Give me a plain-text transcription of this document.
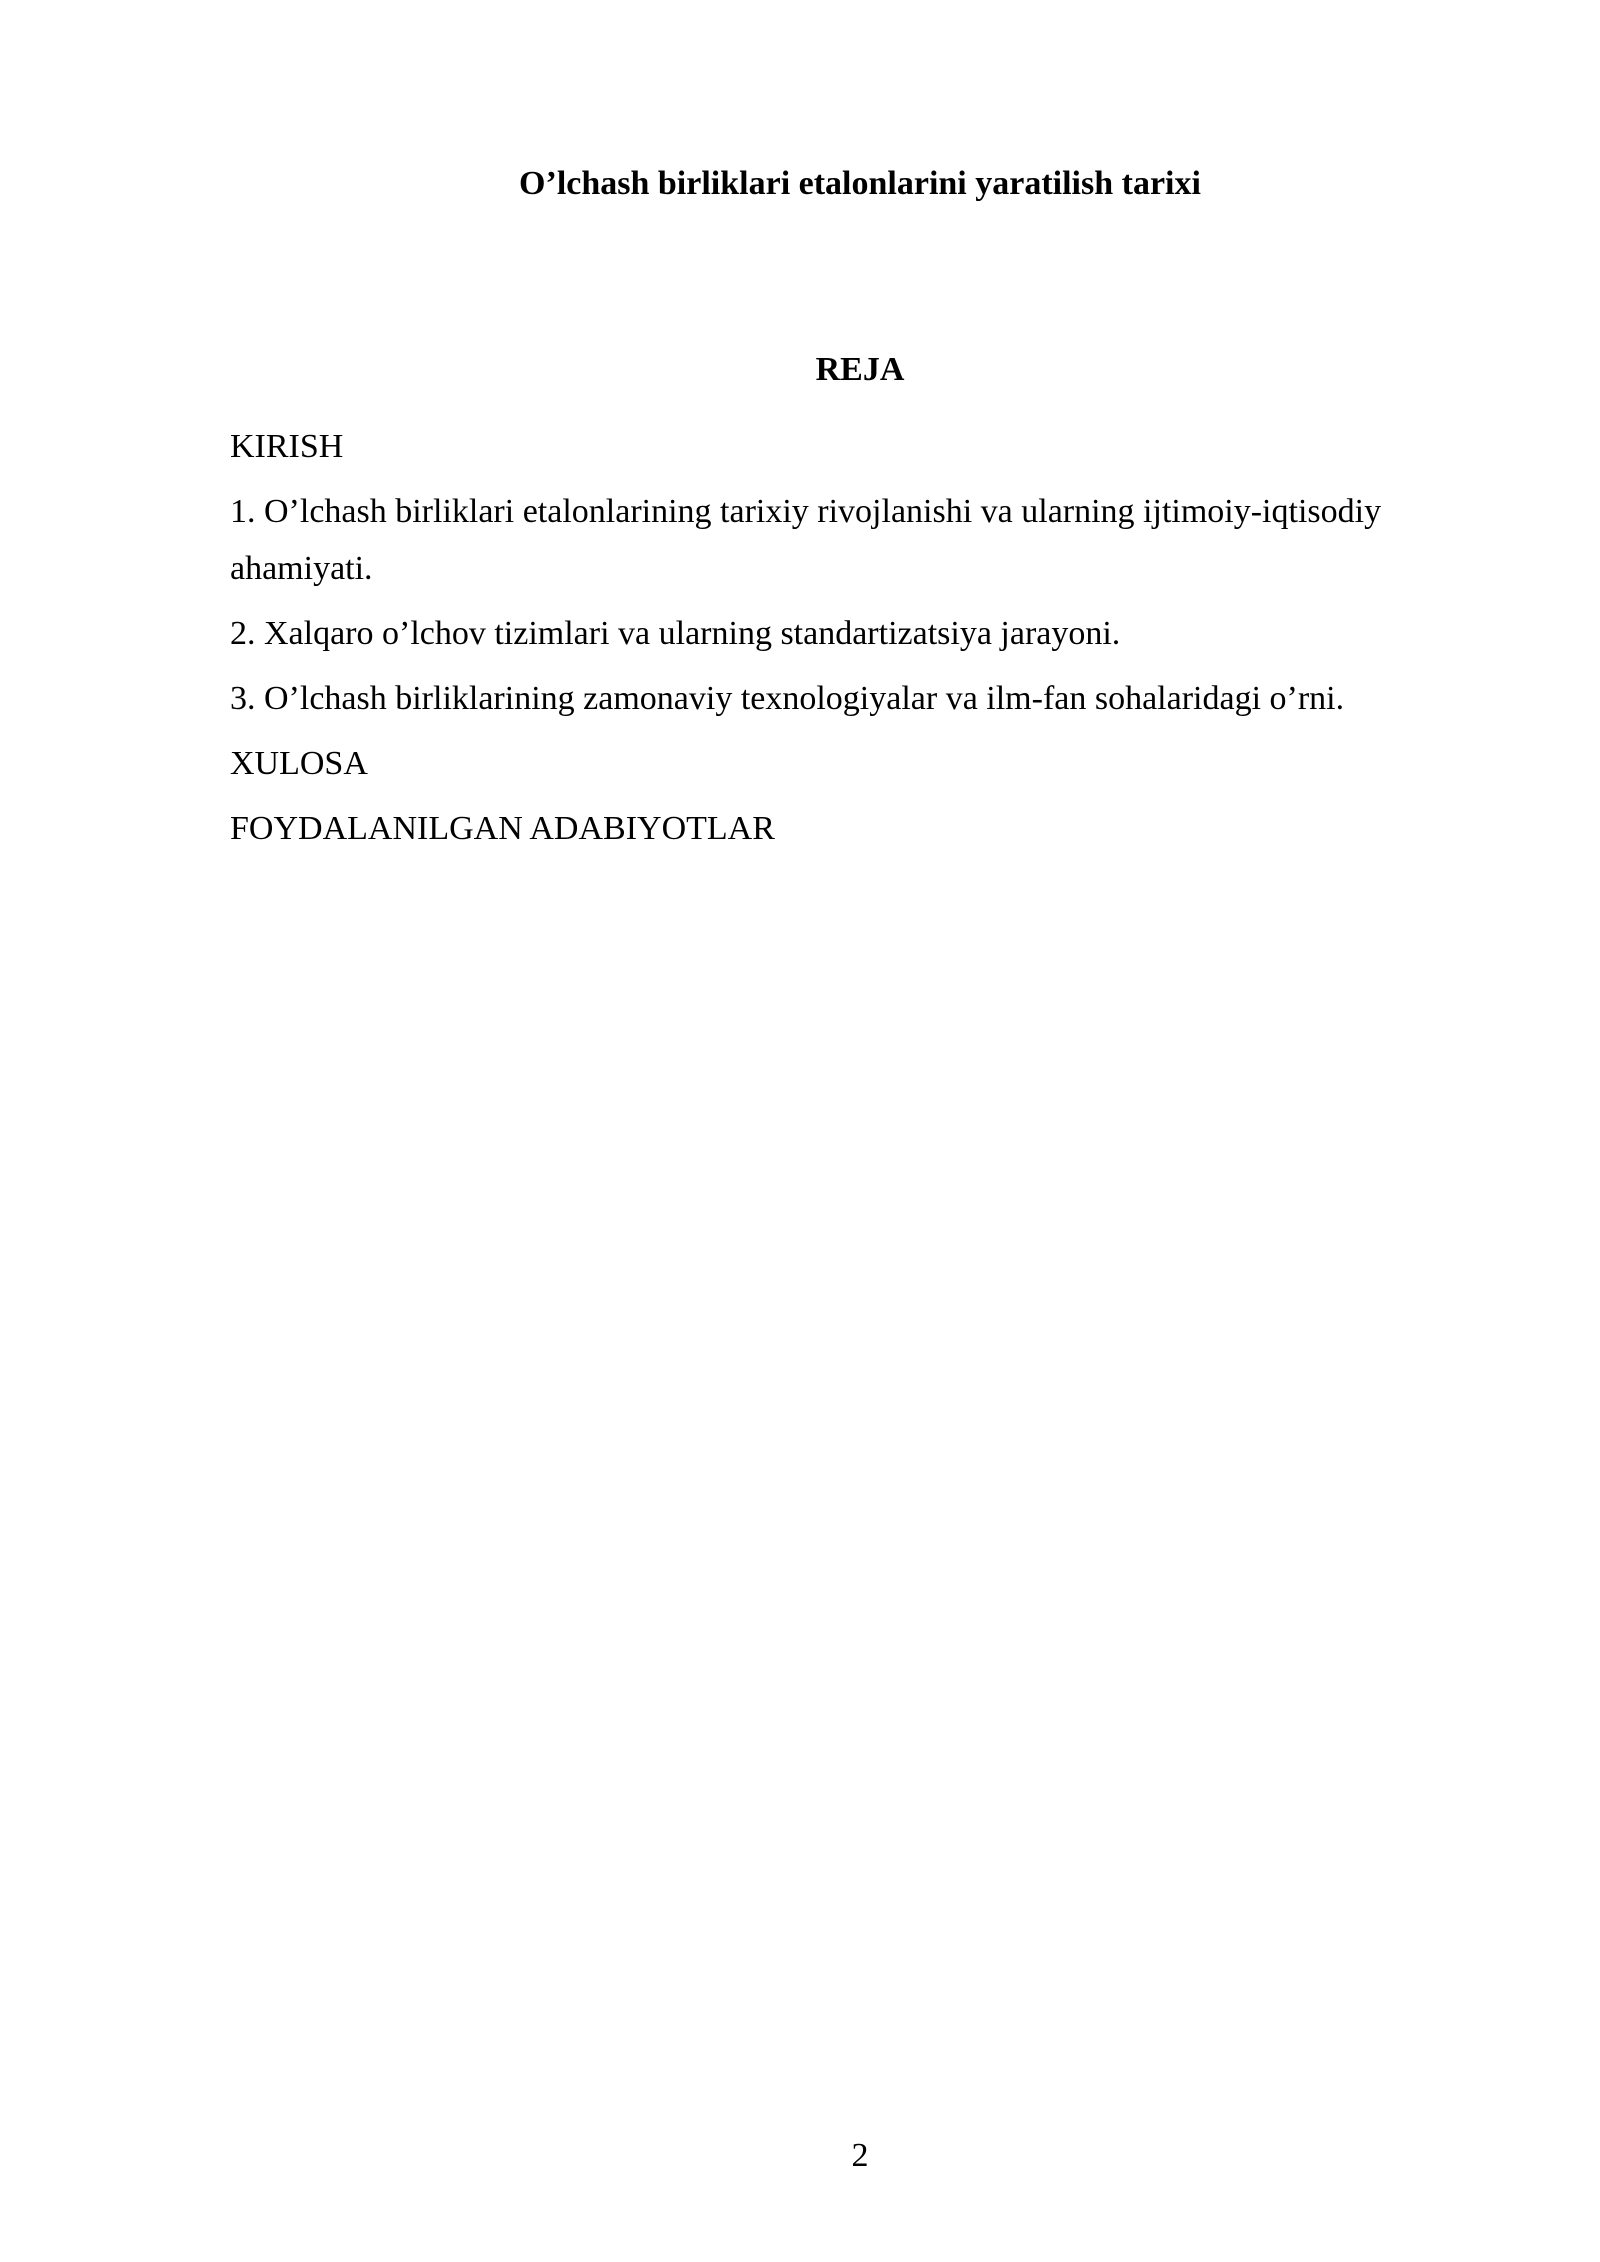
O’lchash birliklari etalonlarini yaratilish tarixi
REJA
KIRISH
1. O’lchash birliklari etalonlarining tarixiy rivojlanishi va ularning ijtimoiy-iqtisodiy ahamiyati.
2. Xalqaro o’lchov tizimlari va ularning standartizatsiya jarayoni.
3. O’lchash birliklarining zamonaviy texnologiyalar va ilm-fan sohalaridagi o’rni.
XULOSA
FOYDALANILGAN ADABIYOTLAR
2
